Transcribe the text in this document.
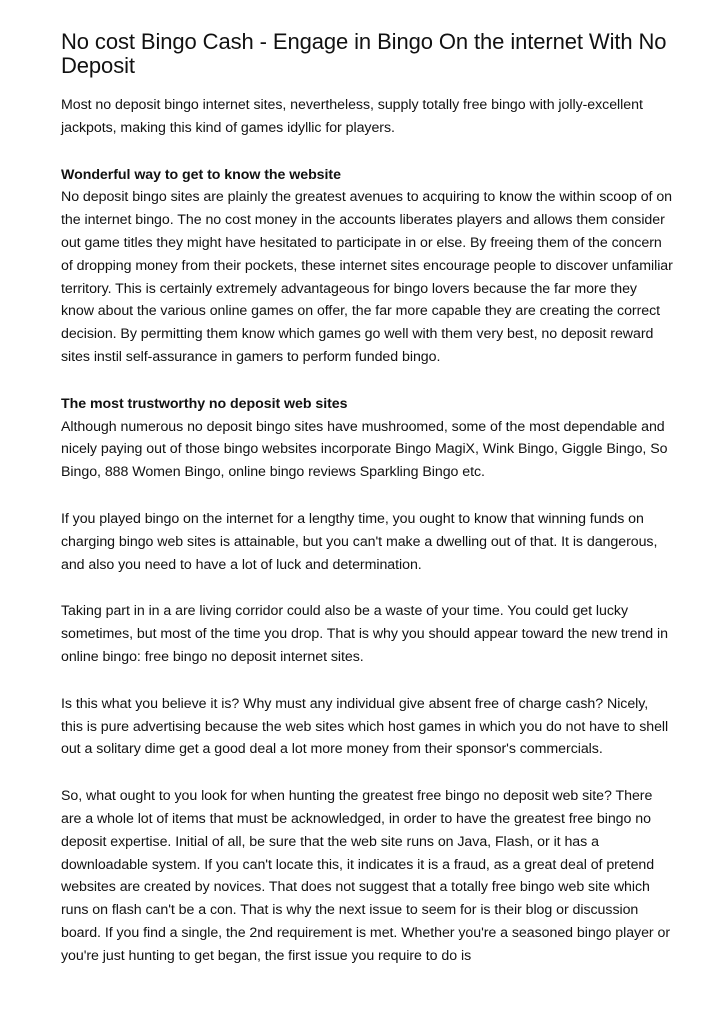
No cost Bingo Cash - Engage in Bingo On the internet With No Deposit

Most no deposit bingo internet sites, nevertheless, supply totally free bingo with jolly-excellent jackpots, making this kind of games idyllic for players.

Wonderful way to get to know the website
No deposit bingo sites are plainly the greatest avenues to acquiring to know the within scoop of on the internet bingo. The no cost money in the accounts liberates players and allows them consider out game titles they might have hesitated to participate in or else. By freeing them of the concern of dropping money from their pockets, these internet sites encourage people to discover unfamiliar territory. This is certainly extremely advantageous for bingo lovers because the far more they know about the various online games on offer, the far more capable they are creating the correct decision. By permitting them know which games go well with them very best, no deposit reward sites instil self-assurance in gamers to perform funded bingo.

The most trustworthy no deposit web sites
Although numerous no deposit bingo sites have mushroomed, some of the most dependable and nicely paying out of those bingo websites incorporate Bingo MagiX, Wink Bingo, Giggle Bingo, So Bingo, 888 Women Bingo, online bingo reviews Sparkling Bingo etc.

If you played bingo on the internet for a lengthy time, you ought to know that winning funds on charging bingo web sites is attainable, but you can't make a dwelling out of that. It is dangerous, and also you need to have a lot of luck and determination.

Taking part in in a are living corridor could also be a waste of your time. You could get lucky sometimes, but most of the time you drop. That is why you should appear toward the new trend in online bingo: free bingo no deposit internet sites.

Is this what you believe it is? Why must any individual give absent free of charge cash? Nicely, this is pure advertising because the web sites which host games in which you do not have to shell out a solitary dime get a good deal a lot more money from their sponsor's commercials.

So, what ought to you look for when hunting the greatest free bingo no deposit web site? There are a whole lot of items that must be acknowledged, in order to have the greatest free bingo no deposit expertise. Initial of all, be sure that the web site runs on Java, Flash, or it has a downloadable system. If you can't locate this, it indicates it is a fraud, as a great deal of pretend websites are created by novices. That does not suggest that a totally free bingo web site which runs on flash can't be a con. That is why the next issue to seem for is their blog or discussion board. If you find a single, the 2nd requirement is met. Whether you're a seasoned bingo player or you're just hunting to get began, the first issue you require to do is
